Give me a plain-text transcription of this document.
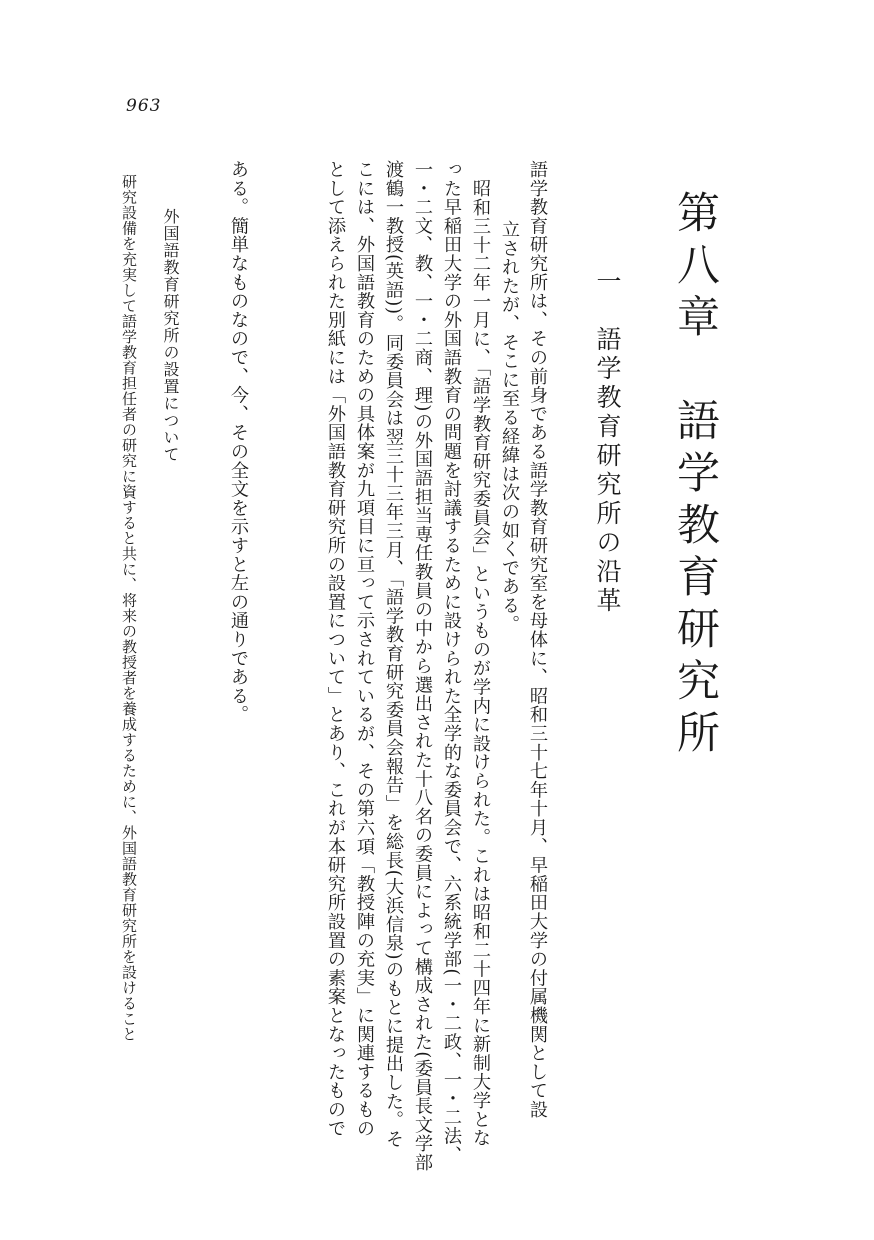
963
第八章　語学教育研究所
一　語学教育研究所の沿革
語学教育研究所は、その前身である語学教育研究室を母体に、昭和三十七年十月、早稲田大学の付属機関として設
立されたが、そこに至る経緯は次の如くである。
昭和三十二年一月に、「語学教育研究委員会」というものが学内に設けられた。これは昭和二十四年に新制大学とな
った早稲田大学の外国語教育の問題を討議するために設けられた全学的な委員会で、六系統学部(一・二政、一・二法、
一・二文、教、一・二商、理)の外国語担当専任教員の中から選出された十八名の委員によって構成された(委員長文学部
渡鶴一教授(英語))。同委員会は翌三十三年三月、「語学教育研究委員会報告」を総長(大浜信泉)のもとに提出した。そ
こには、外国語教育のための具体案が九項目に亘って示されているが、その第六項「教授陣の充実」に関連するもの
として添えられた別紙には「外国語教育研究所の設置について」とあり、これが本研究所設置の素案となったもので
ある。簡単なものなので、今、その全文を示すと左の通りである。
外国語教育研究所の設置について
研究設備を充実して語学教育担任者の研究に資すると共に、将来の教授者を養成するために、外国語教育研究所を設けること
